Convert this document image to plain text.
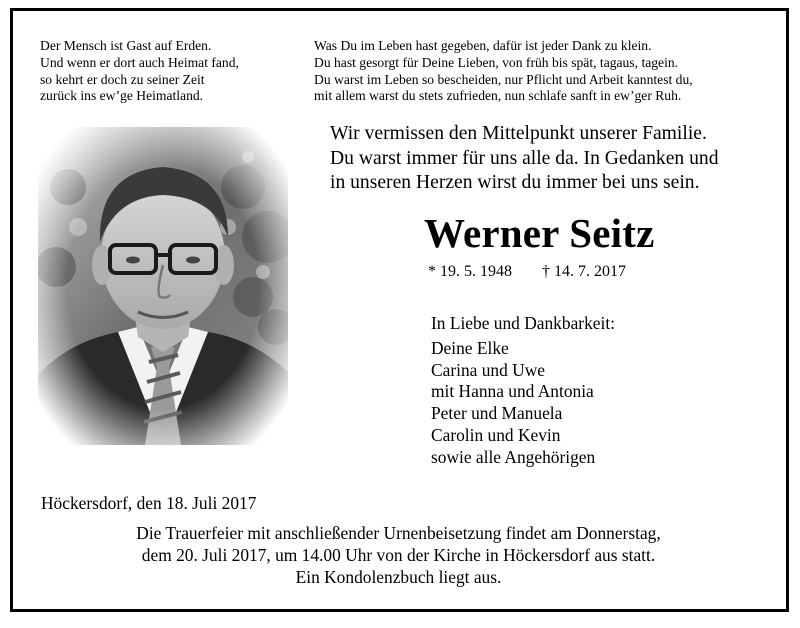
Der Mensch ist Gast auf Erden.
Und wenn er dort auch Heimat fand,
so kehrt er doch zu seiner Zeit
zurück ins ew’ge Heimatland.
Was Du im Leben hast gegeben, dafür ist jeder Dank zu klein.
Du hast gesorgt für Deine Lieben, von früh bis spät, tagaus, tagein.
Du warst im Leben so bescheiden, nur Pflicht und Arbeit kanntest du,
mit allem warst du stets zufrieden, nun schlafe sanft in ew’ger Ruh.
Wir vermissen den Mittelpunkt unserer Familie.
Du warst immer für uns alle da. In Gedanken und
in unseren Herzen wirst du immer bei uns sein.
Werner Seitz
* 19. 5. 1948 † 14. 7. 2017
In Liebe und Dankbarkeit:
Deine Elke
Carina und Uwe
mit Hanna und Antonia
Peter und Manuela
Carolin und Kevin
sowie alle Angehörigen
Höckersdorf, den 18. Juli 2017
Die Trauerfeier mit anschließender Urnenbeisetzung findet am Donnerstag,
dem 20. Juli 2017, um 14.00 Uhr von der Kirche in Höckersdorf aus statt.
Ein Kondolenzbuch liegt aus.
